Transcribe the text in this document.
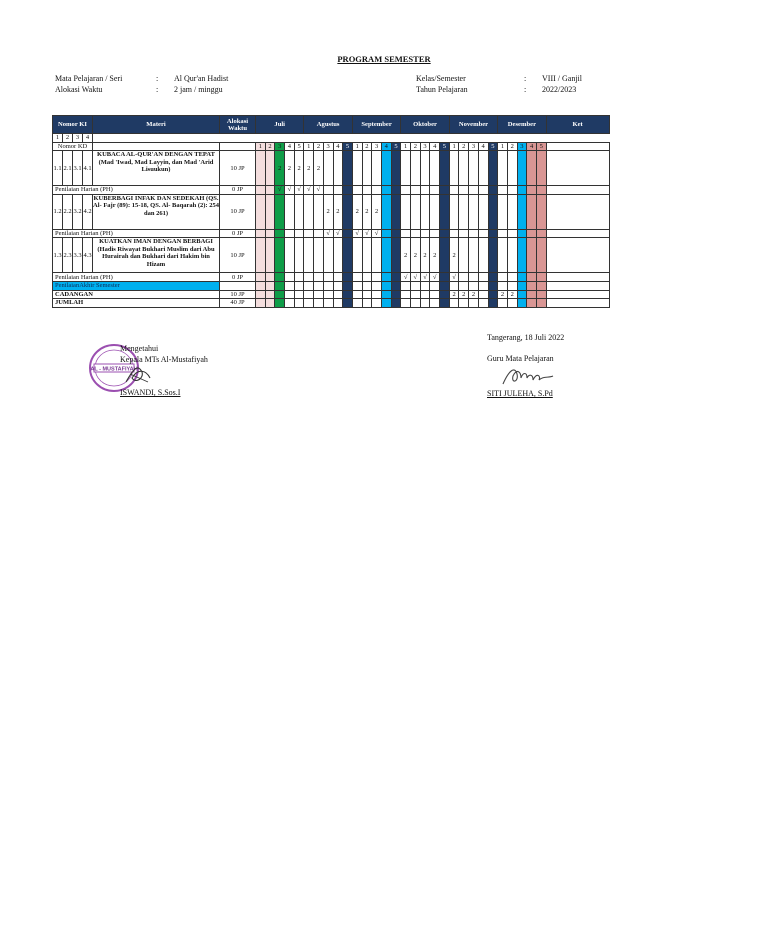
PROGRAM SEMESTER
Mata Pelajaran / Seri	:	Al Qur'an Hadist
Alokasi Waktu	:	2 jam / minggu
Kelas/Semester	:	VIII / Ganjil
Tahun Pelajaran	:	2022/2023
Nomor KI				Materi	Alokasi Waktu	Juli					Agustus					September					Oktober					November					Desember					Ket
1	2	3	4																																	
Nomor KD						1	2	3	4	5	1	2	3	4	5	1	2	3	4	5	1	2	3	4	5	1	2	3	4	5	1	2	3	4	5	
1.1	2.1	3.1	4.1	KUBACA AL-QUR'AN DENGAN TEPAT (Mad 'Iwad, Mad Layyin, dan Mad 'Arid Lisuukun)	10 JP			2	2	2	2	2																								
Penilaian Harian (PH)					0 JP			√	√	√	√	√																								
1.2	2.2	3.2	4.2	KUBERBAGI INFAK DAN SEDEKAH (QS. Al- Fajr (89): 15-18, QS. Al- Baqarah (2): 254 dan 261)	10 JP								2	2		2	2	2																		
Penilaian Harian (PH)					0 JP								√	√		√	√	√																		
1.3	2.3	3.3	4.3	KUATKAN IMAN DENGAN BERBAGI (Hadis Riwayat Bukhari Muslim dari Abu Hurairah dan Bukhari dari Hakim bin Hizam	10 JP																2	2	2	2		2										
Penilaian Harian (PH)					0 JP																√	√	√	√		√										
PenilaianAkhir Semester																																				
CADANGAN					10 JP																					2	2	2			2	2				
JUMLAH					40 JP																															
AL - MUSTAFIYAH
Mengetahui
Kepala MTs Al-Mustafiyah
ISWANDI, S.Sos.I
Tangerang, 18 Juli 2022
Guru Mata Pelajaran
SITI JULEHA, S.Pd
